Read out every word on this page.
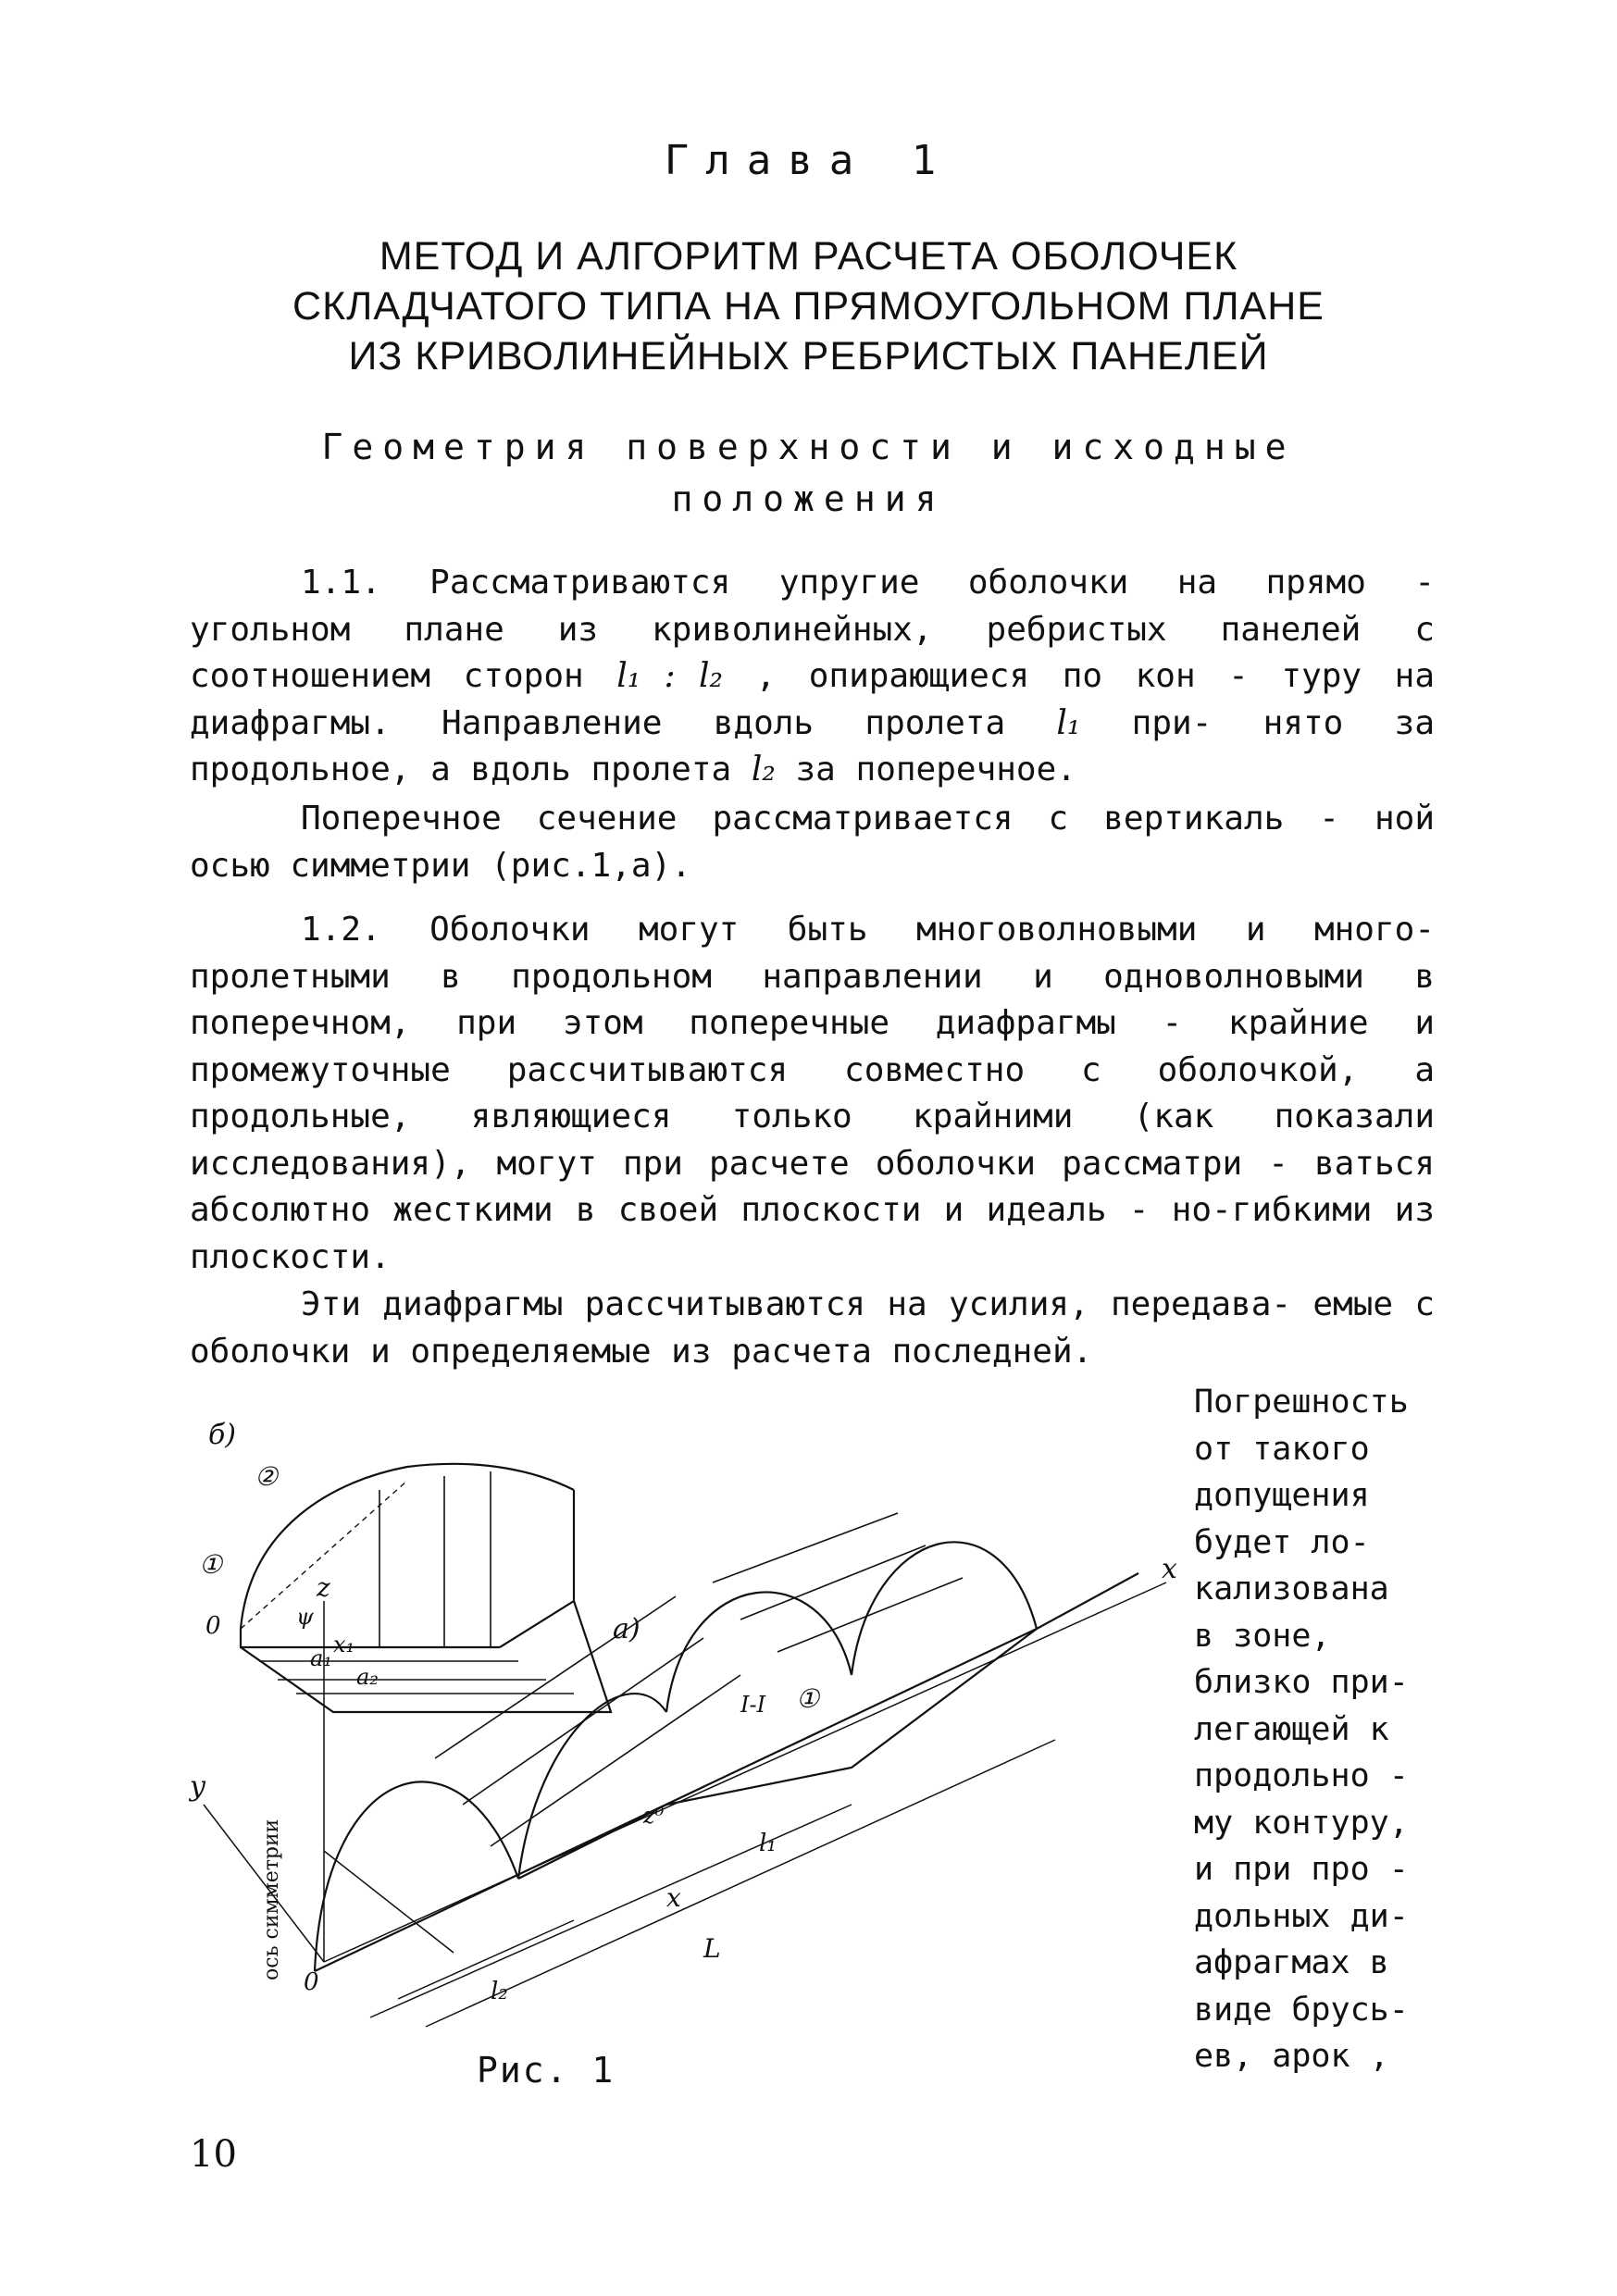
Глава 1
МЕТОД И АЛГОРИТМ РАСЧЕТА ОБОЛОЧЕК
СКЛАДЧАТОГО ТИПА НА ПРЯМОУГОЛЬНОМ ПЛАНЕ
ИЗ КРИВОЛИНЕЙНЫХ РЕБРИСТЫХ ПАНЕЛЕЙ
Геометрия поверхности и исходные
положения
1.1. Рассматриваются упругие оболочки на прямо - угольном плане из криволинейных, ребристых панелей с соотношением сторон l₁ : l₂ , опирающиеся по кон - туру на диафрагмы. Направление вдоль пролета l₁ при- нято за продольное, а вдоль пролета l₂ за поперечное.
Поперечное сечение рассматривается с вертикаль - ной осью симметрии (рис.1,а).
1.2. Оболочки могут быть многоволновыми и много- пролетными в продольном направлении и одноволновыми в поперечном, при этом поперечные диафрагмы - крайние и промежуточные рассчитываются совместно с оболочкой, а продольные, являющиеся только крайними (как показали исследования), могут при расчете оболочки рассматри - ваться абсолютно жесткими в своей плоскости и идеаль - но-гибкими из плоскости.
Эти диафрагмы рассчитываются на усилия, передава- емые с оболочки и определяемые из расчета последней.
Погрешность
от такого
допущения
будет ло-
кализована
в зоне,
близко при-
легающей к
продольно -
му контуру,
и при про -
дольных ди-
афрагмах в
виде брусь-
ев, арок ,
б)
①
②
0
a₁
a₂
x₁
ψ
x
y
z
а)
0
L
x
l₁
l₂
I-I ①
z⁰
ось симметрии
Рис. 1
10
